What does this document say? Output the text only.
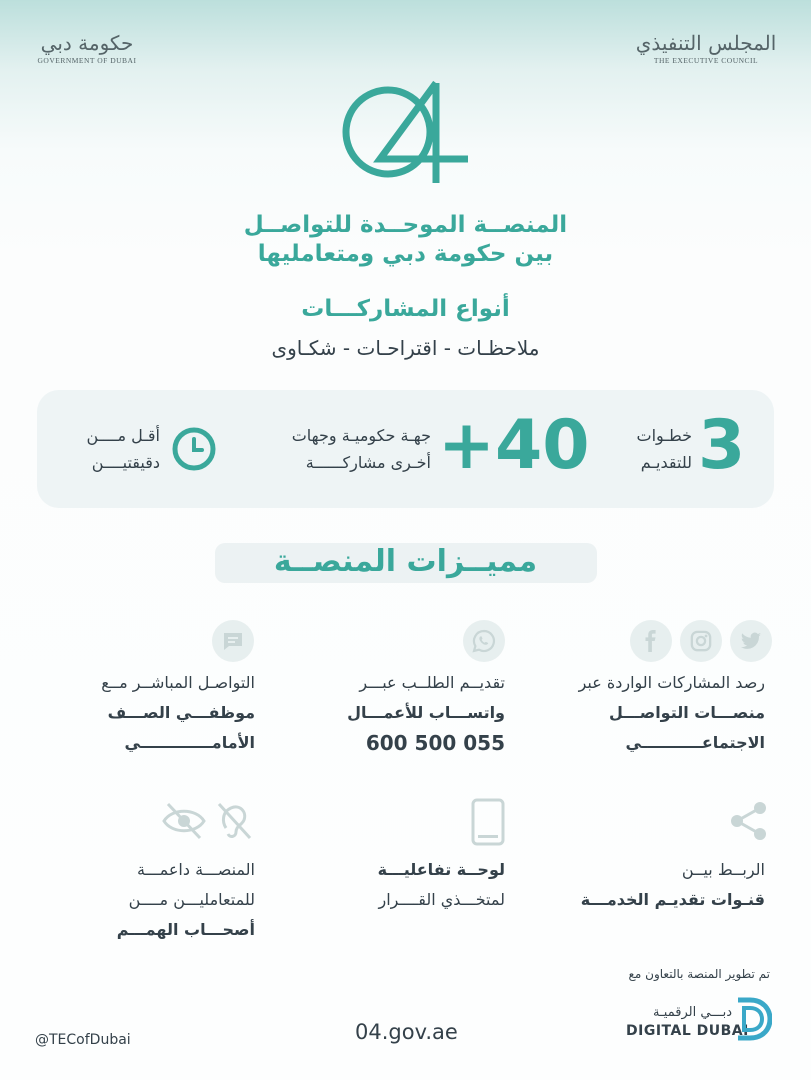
حكومة دبي
GOVERNMENT OF DUBAI
المجلس التنفيذي
THE EXECUTIVE COUNCIL
المنصــة الموحــدة للتواصــل
بين حكومة دبي ومتعامليها
أنواع المشاركـــات
ملاحظـات - اقتراحـات - شكـاوى
3
خطـوات
للتقديـم
40+
جهـة حكوميـة وجهات
أخـرى مشاركــــــة
أقـل مــــن
دقيقتيــــن
مميــزات المنصــة
رصد المشاركات الواردة عبر
منصـــات التواصـــل
الاجتماعـــــــــــي
تقديــم الطلــب عبـــر
واتســـاب للأعمـــال
600 500 055
التواصـل المباشــر مــع
موظفـــي الصـــف
الأمامـــــــــــــي
الربــط بيــن
قنـوات تقديـم الخدمـــة
لوحــة تفاعليـــة
لمتخـــذي القــــرار
المنصـــة داعمـــة
للمتعامليـــن مــــن
أصحـــاب الهمـــم
تم تطوير المنصة بالتعاون مع
دبـــي الرقميـة
DIGITAL DUBAI
04.gov.ae
@TECofDubai
